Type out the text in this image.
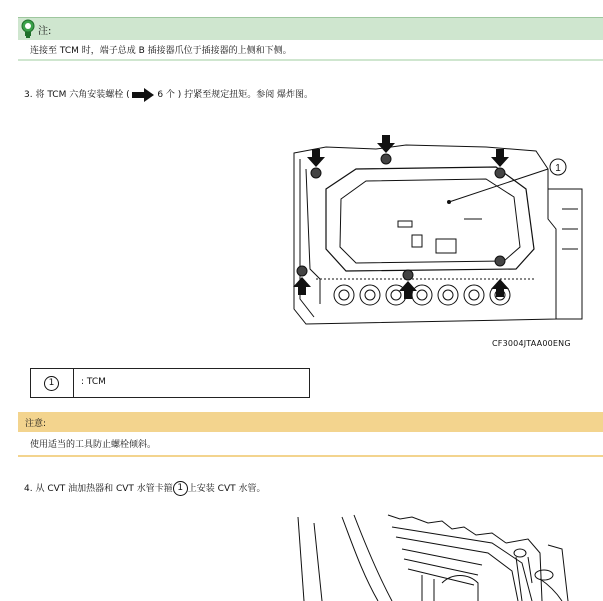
注:
连接至 TCM 时，端子总成 B 插接器爪位于插接器的上侧和下侧。
3. 将 TCM 六角安装螺栓 (	6 个 ) 拧紧至规定扭矩。参阅 爆炸图。
1
CF3004JTAA00ENG
1	: TCM
注意:
使用适当的工具防止螺栓倾斜。
4. 从 CVT 油加热器和 CVT 水管卡箍 1 上安装 CVT 水管。
